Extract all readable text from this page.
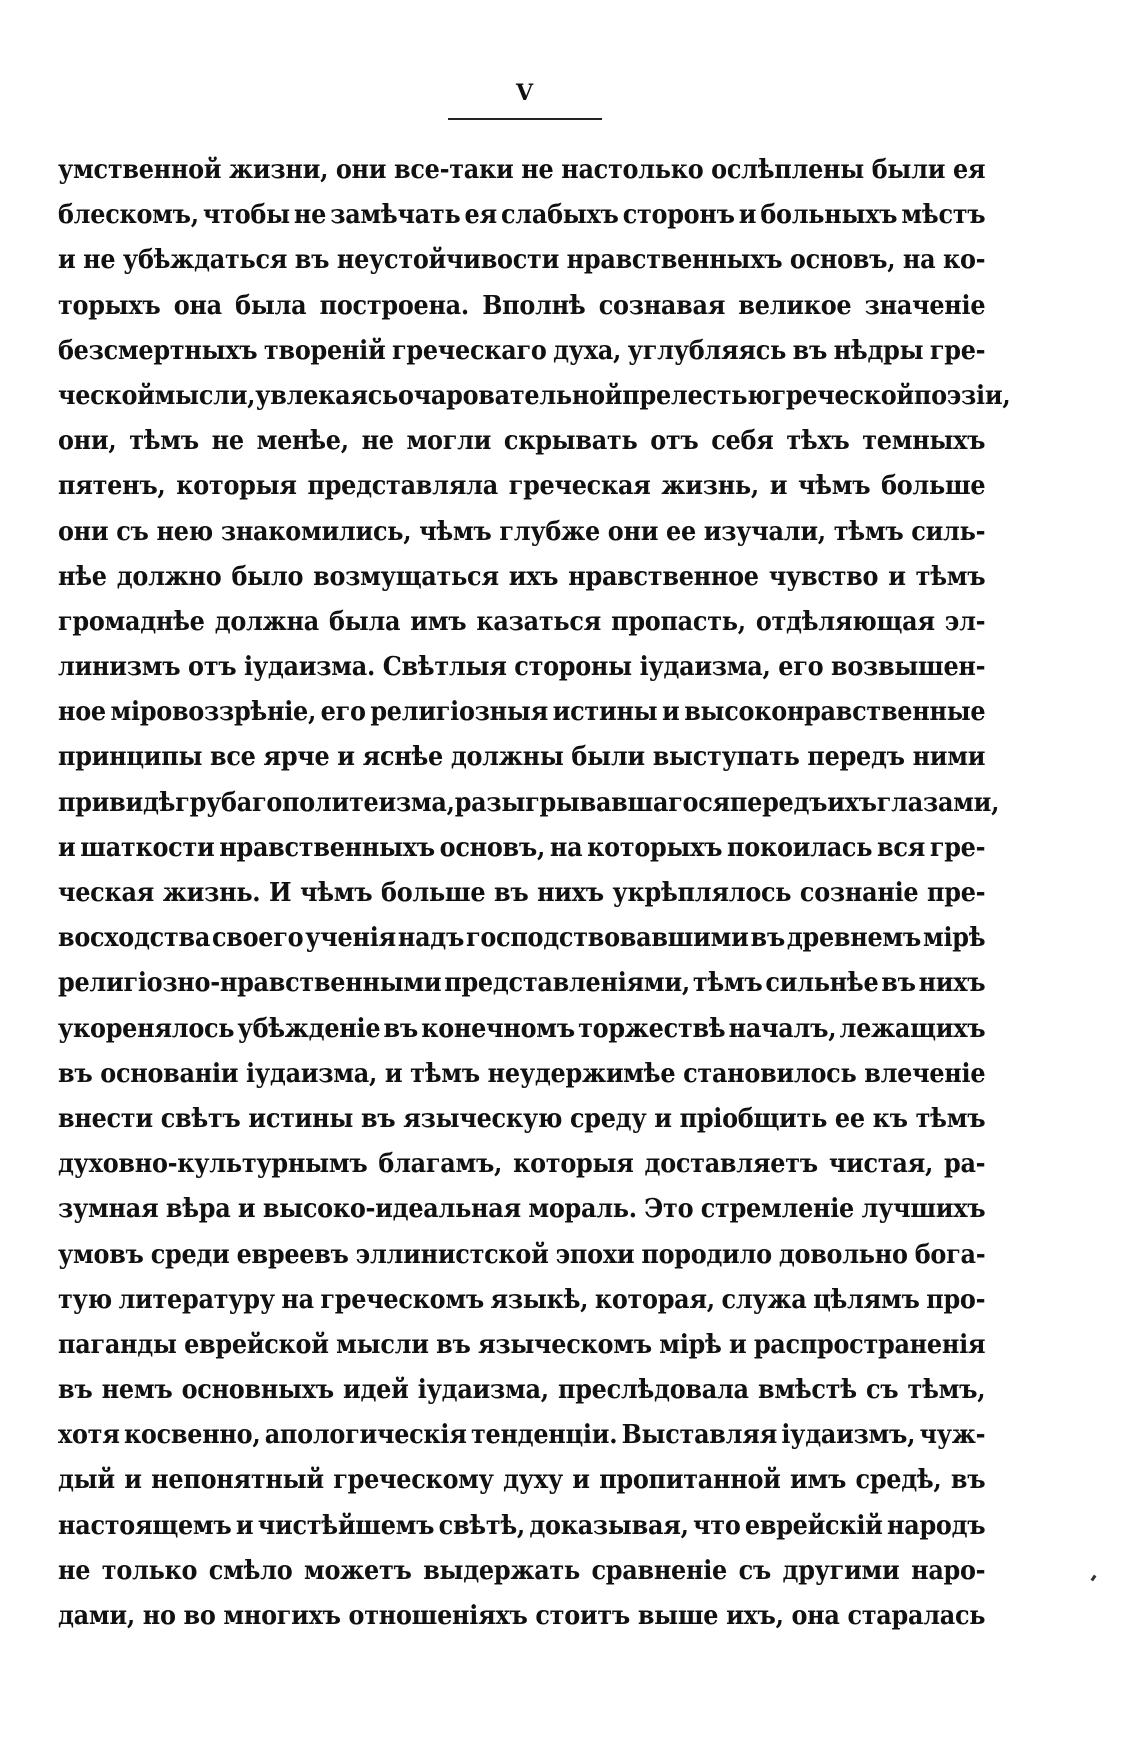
V
умственной жизни, они все-таки не настолько ослѣплены были ея
блескомъ, чтобы не замѣчать ея слабыхъ сторонъ и больныхъ мѣстъ
и не убѣждаться въ неустойчивости нравственныхъ основъ, на ко-
торыхъ она была построена. Вполнѣ сознавая великое значеніе
безсмертныхъ твореній греческаго духа, углубляясь въ нѣдры гре-
ческой мысли, увлекаясь очаровательной прелестью греческой поэзіи,
они, тѣмъ не менѣе, не могли скрывать отъ себя тѣхъ темныхъ
пятенъ, которыя представляла греческая жизнь, и чѣмъ больше
они съ нею знакомились, чѣмъ глубже они ее изучали, тѣмъ силь-
нѣе должно было возмущаться ихъ нравственное чувство и тѣмъ
громаднѣе должна была имъ казаться пропасть, отдѣляющая эл-
линизмъ отъ іудаизма. Свѣтлыя стороны іудаизма, его возвышен-
ное міровоззрѣніе, его религіозныя истины и высоконравственные
принципы все ярче и яснѣе должны были выступать передъ ними
при видѣ грубаго политеизма, разыгрывавшагося передъ ихъ глазами,
и шаткости нравственныхъ основъ, на которыхъ покоилась вся гре-
ческая жизнь. И чѣмъ больше въ нихъ укрѣплялось сознаніе пре-
восходства своего ученія надъ господствовавшими въ древнемъ мірѣ
религіозно-нравственными представленіями, тѣмъ сильнѣе въ нихъ
укоренялось убѣжденіе въ конечномъ торжествѣ началъ, лежащихъ
въ основаніи іудаизма, и тѣмъ неудержимѣе становилось влеченіе
внести свѣтъ истины въ языческую среду и пріобщить ее къ тѣмъ
духовно-культурнымъ благамъ, которыя доставляетъ чистая, ра-
зумная вѣра и высоко-идеальная мораль. Это стремленіе лучшихъ
умовъ среди евреевъ эллинистской эпохи породило довольно бога-
тую литературу на греческомъ языкѣ, которая, служа цѣлямъ про-
паганды еврейской мысли въ языческомъ мірѣ и распространенія
въ немъ основныхъ идей іудаизма, преслѣдовала вмѣстѣ съ тѣмъ,
хотя косвенно, апологическія тенденціи. Выставляя іудаизмъ, чуж-
дый и непонятный греческому духу и пропитанной имъ средѣ, въ
настоящемъ и чистѣйшемъ свѣтѣ, доказывая, что еврейскій народъ
не только смѣло можетъ выдержать сравненіе съ другими наро-
дами, но во многихъ отношеніяхъ стоитъ выше ихъ, она старалась
